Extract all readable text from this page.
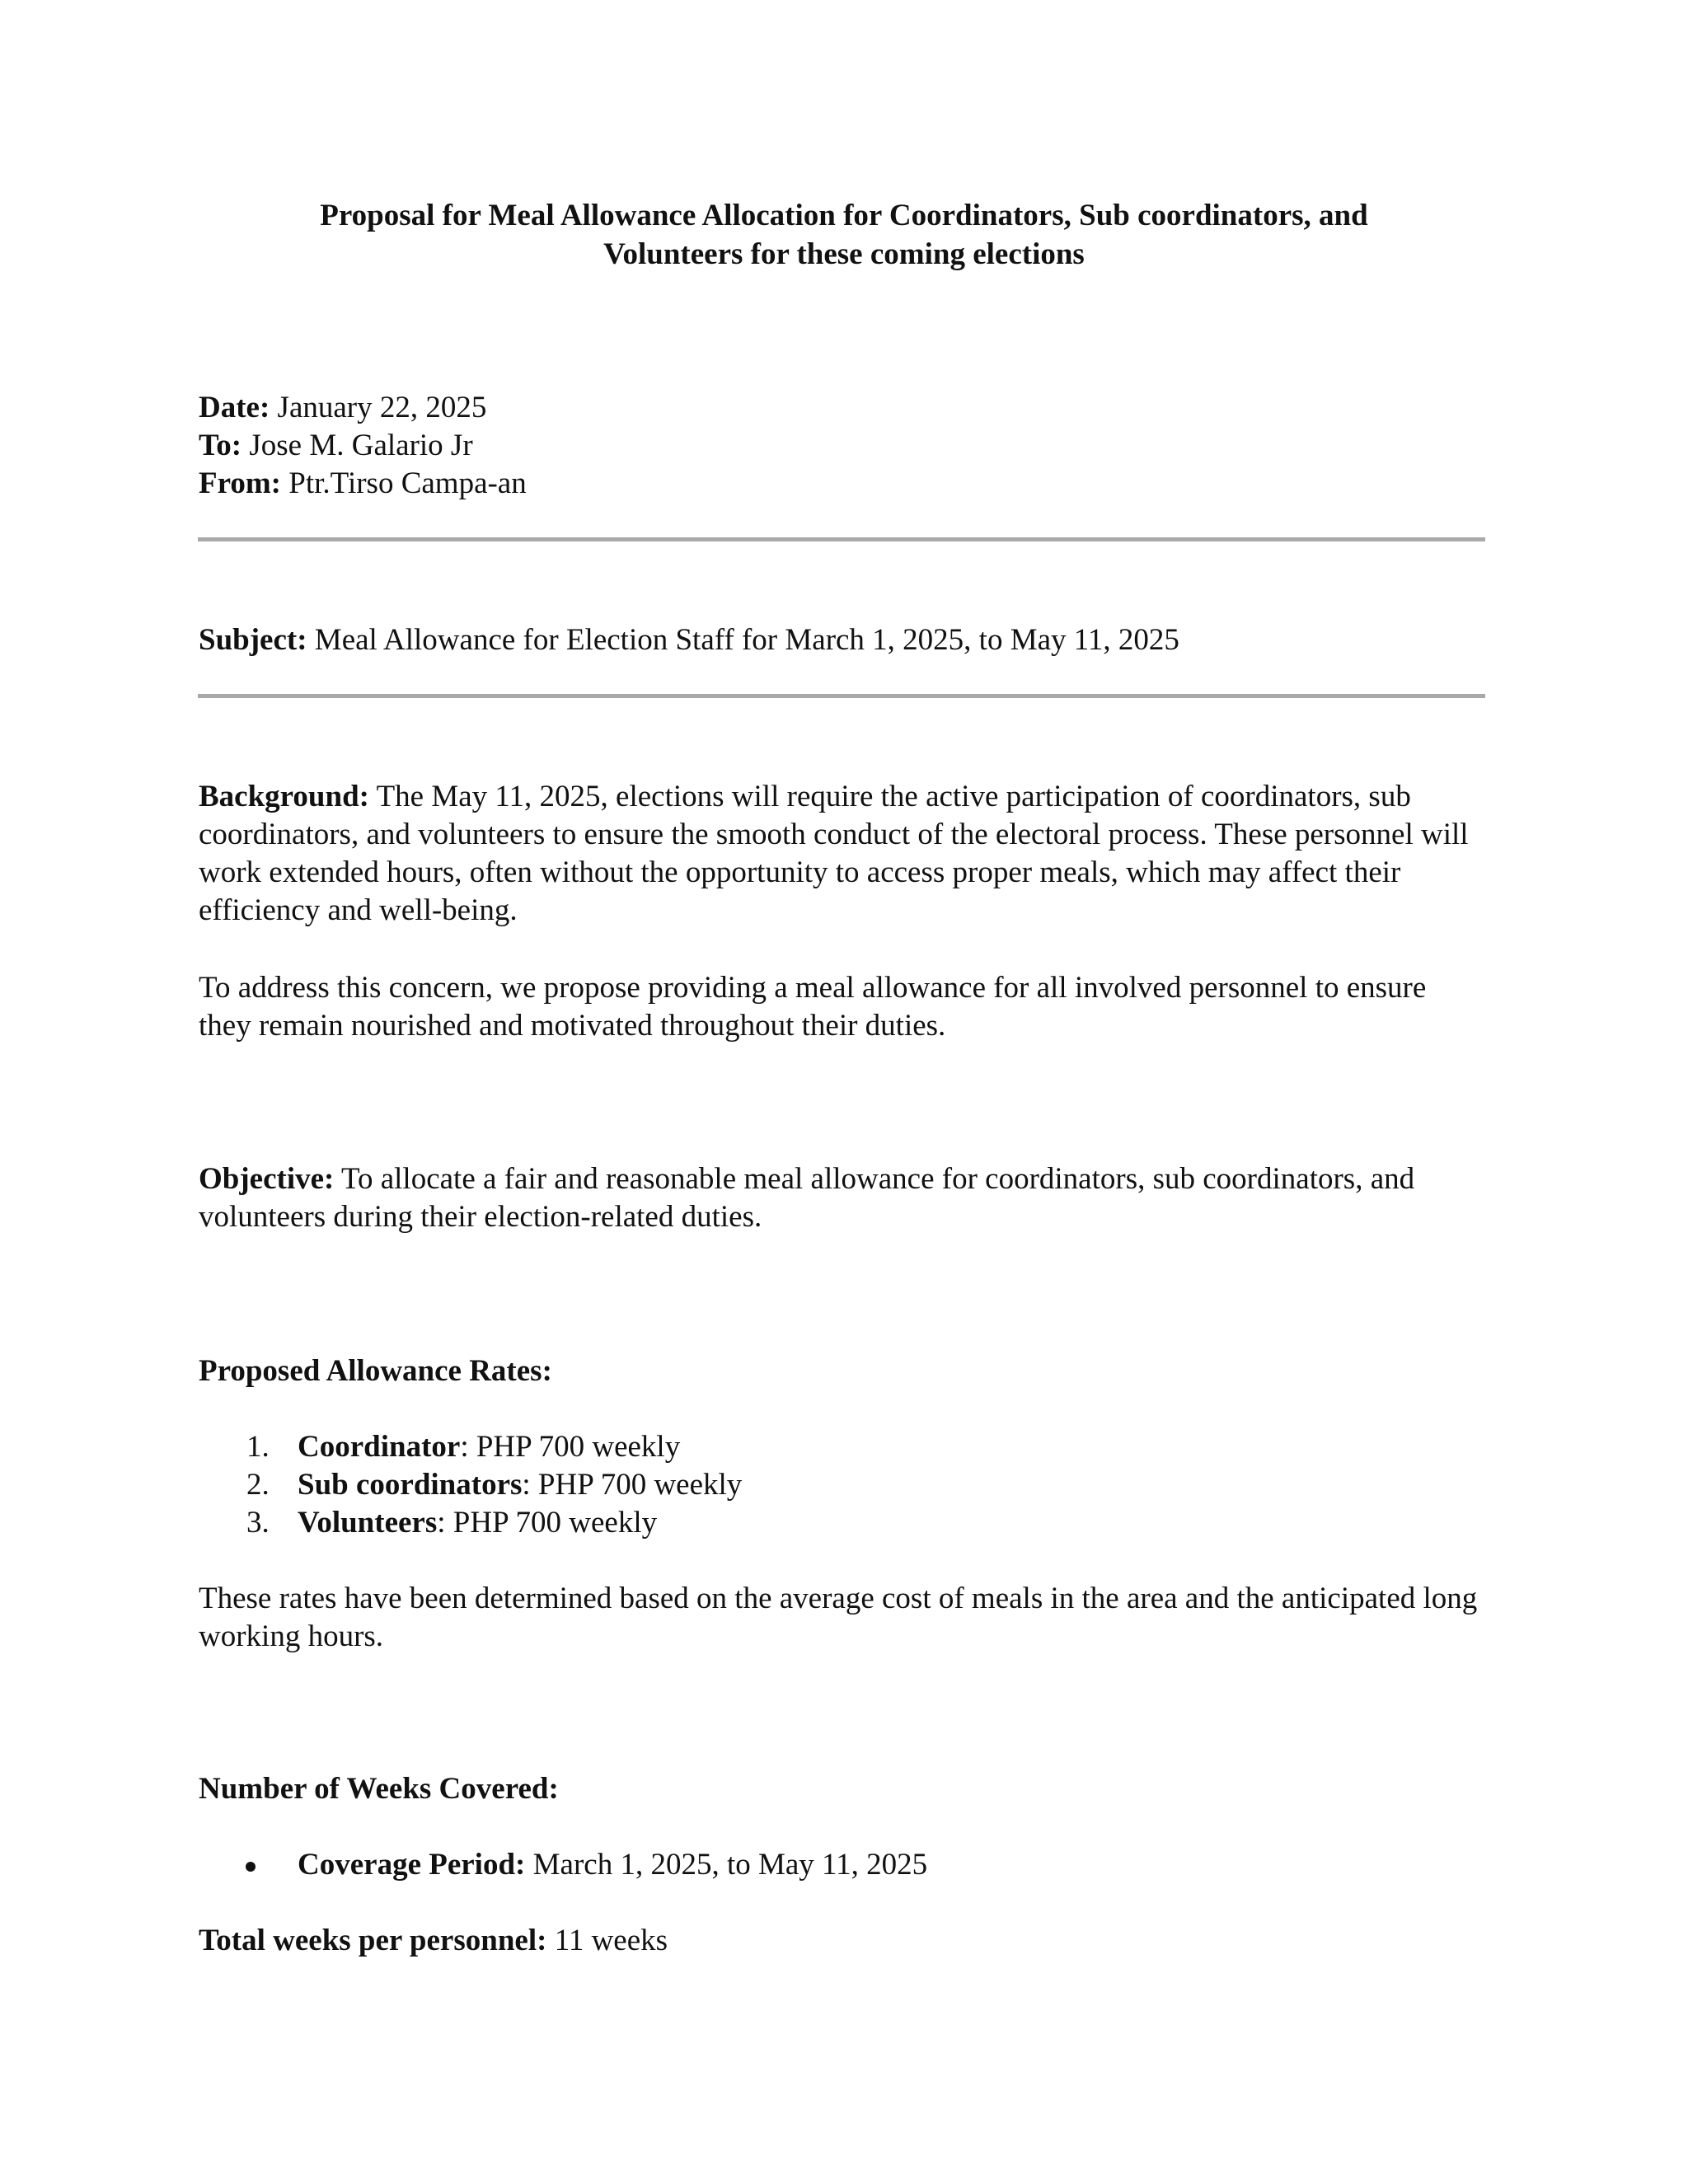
Proposal for Meal Allowance Allocation for Coordinators, Sub coordinators, and
Volunteers for these coming elections
Date: January 22, 2025
To: Jose M. Galario Jr
From: Ptr.Tirso Campa-an
Subject: Meal Allowance for Election Staff for March 1, 2025, to May 11, 2025

Background: The May 11, 2025, elections will require the active participation of coordinators, sub coordinators, and volunteers to ensure the smooth conduct of the electoral process. These personnel will work extended hours, often without the opportunity to access proper meals, which may affect their efficiency and well-being.

To address this concern, we propose providing a meal allowance for all involved personnel to ensure they remain nourished and motivated throughout their duties.

Objective: To allocate a fair and reasonable meal allowance for coordinators, sub coordinators, and volunteers during their election-related duties.

Proposed Allowance Rates:
1. Coordinator: PHP 700 weekly
2. Sub coordinators: PHP 700 weekly
3. Volunteers: PHP 700 weekly

These rates have been determined based on the average cost of meals in the area and the anticipated long working hours.

Number of Weeks Covered:
Coverage Period: March 1, 2025, to May 11, 2025
Total weeks per personnel: 11 weeks
